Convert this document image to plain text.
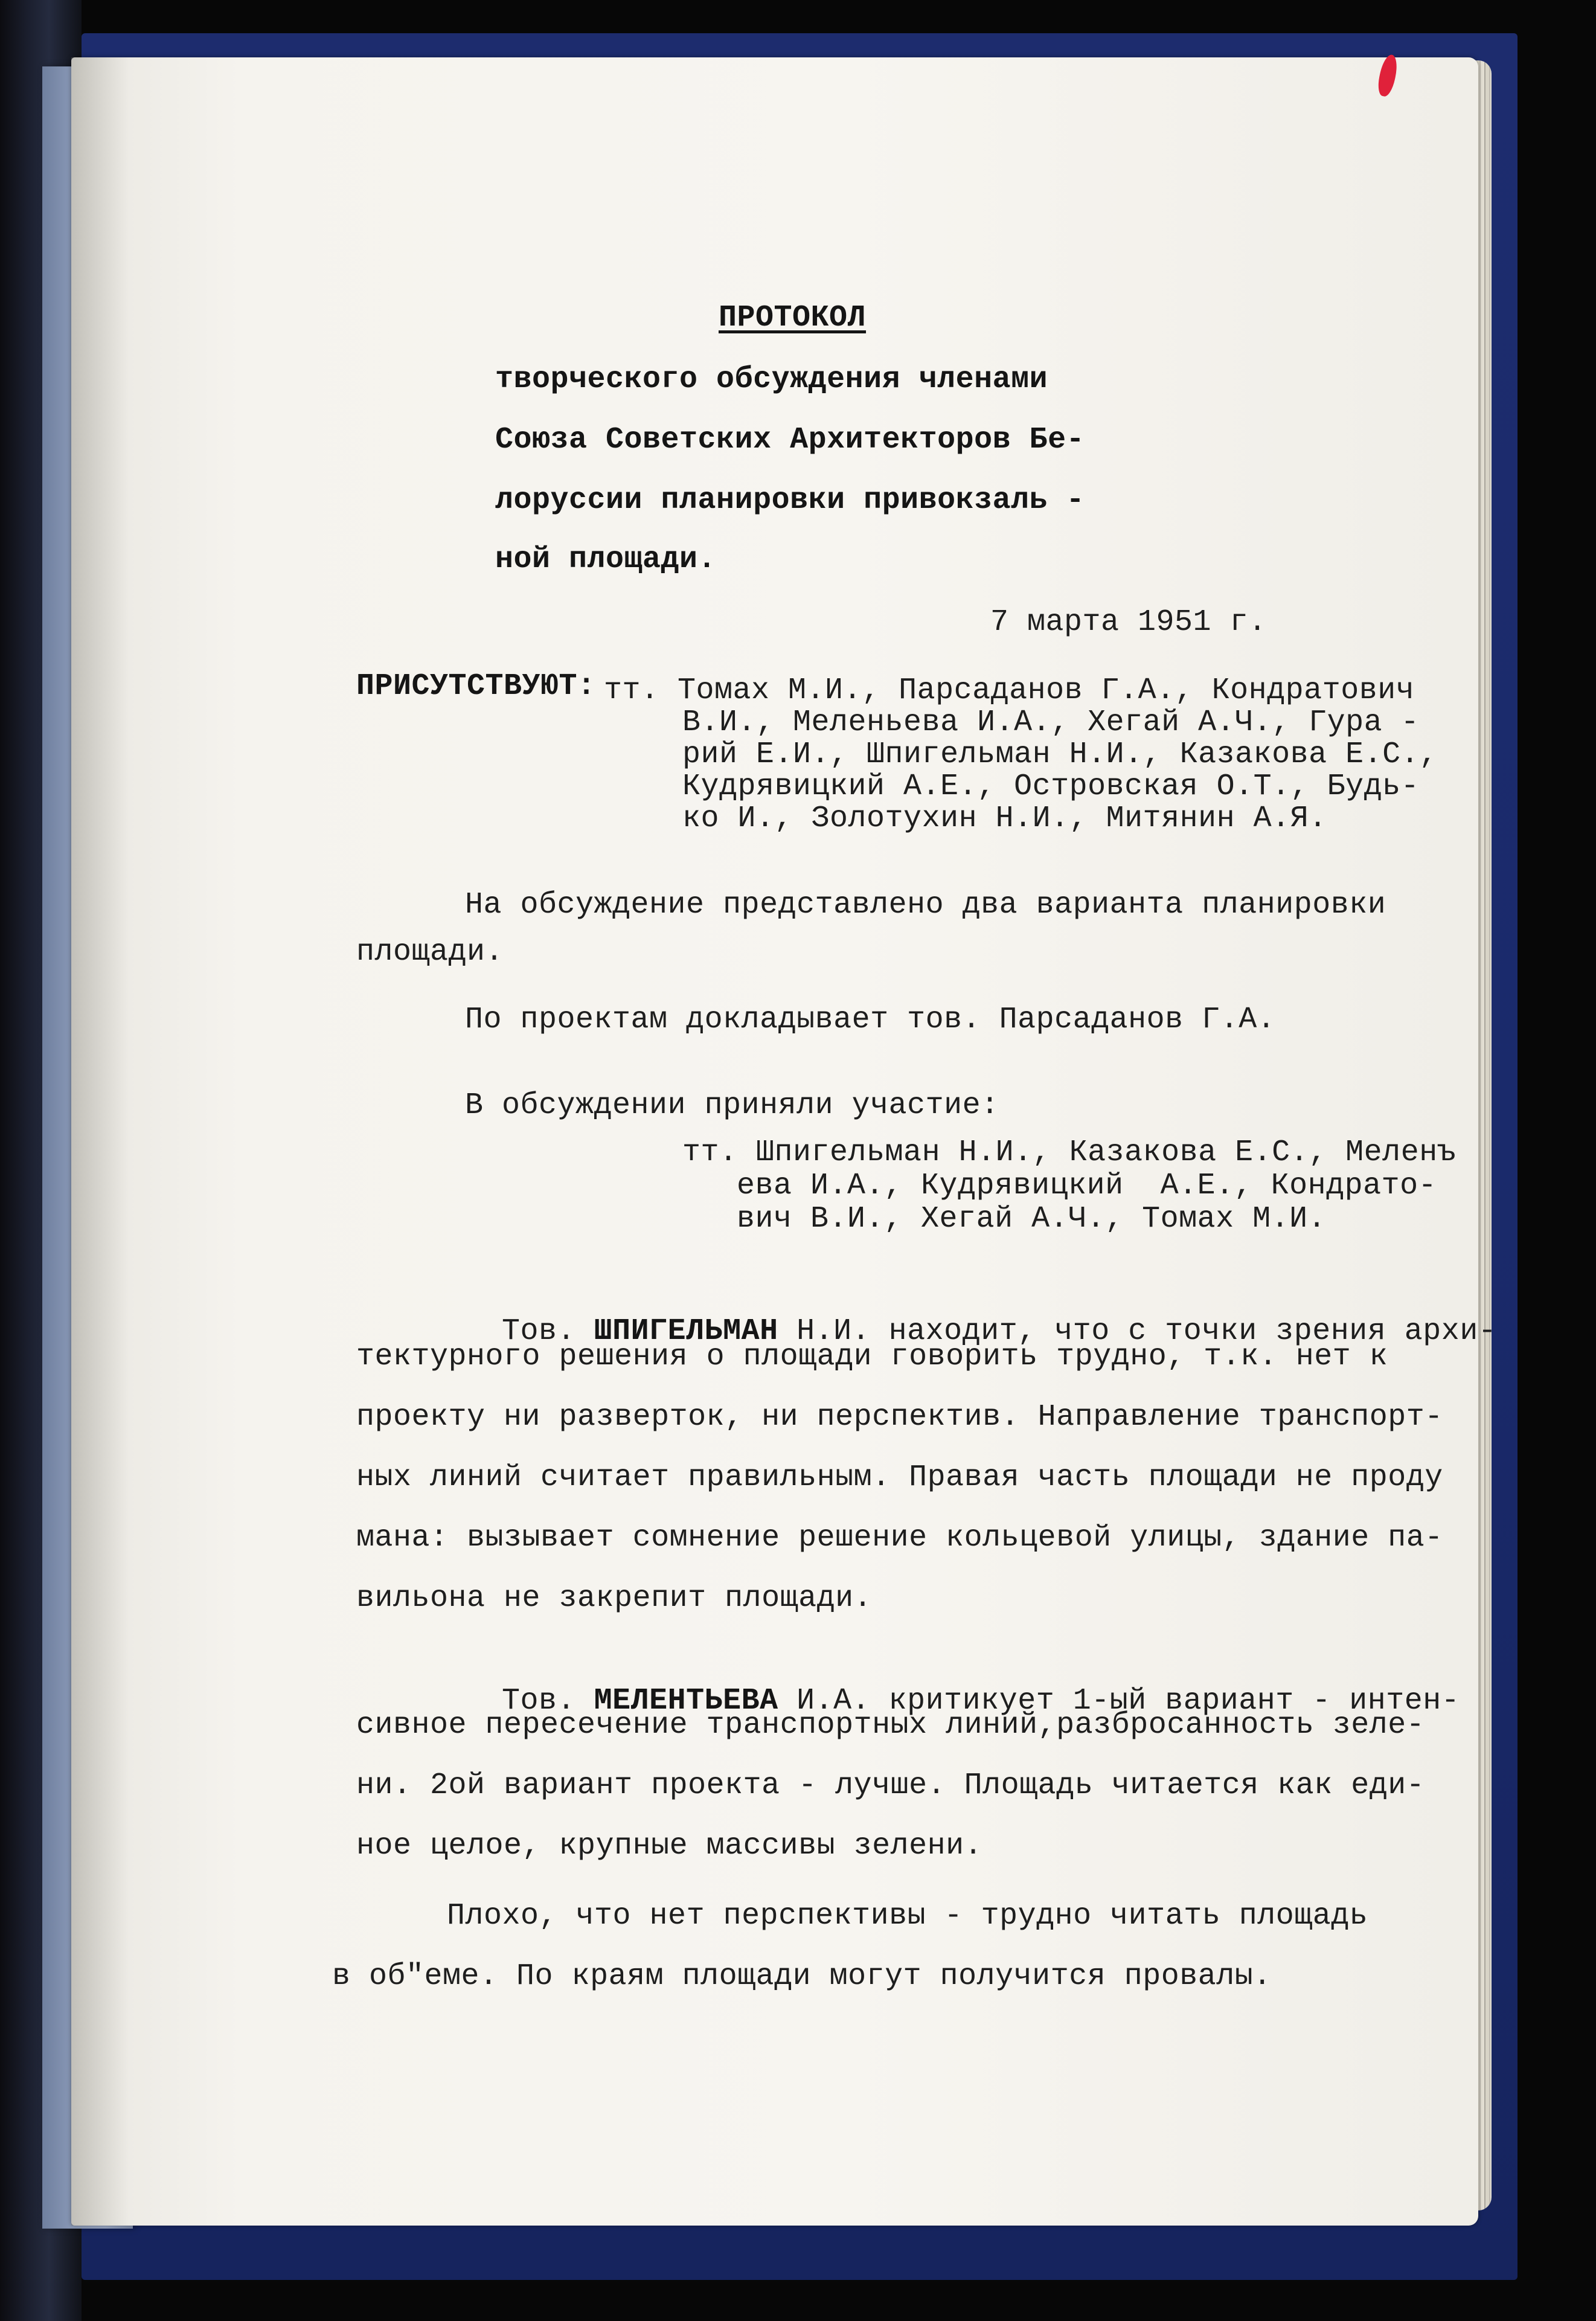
ПРОТОКОЛ
творческого обсуждения членами
Союза Советских Архитекторов Бе-
лоруссии планировки привокзаль -
ной площади.
7 марта 1951 г.
ПРИСУТСТВУЮТ: тт. Томах М.И., Парсаданов Г.А., Кондратович
В.И., Меленьева И.А., Хегай А.Ч., Гура -
рий Е.И., Шпигельман Н.И., Казакова Е.С.,
Кудрявицкий А.Е., Островская О.Т., Будь-
ко И., Золотухин Н.И., Митянин А.Я.
На обсуждение представлено два варианта планировки
площади.
По проектам докладывает тов. Парсаданов Г.А.
В обсуждении приняли участие:
тт. Шпигельман Н.И., Казакова Е.С., Меленъ
ева И.А., Кудрявицкий  А.Е., Кондрато-
вич В.И., Хегай А.Ч., Томах М.И.

Тов. ШПИГЕЛЬМАН Н.И. находит, что с точки зрения архи-

тектурного решения о площади говорить трудно, т.к. нет к
проекту ни разверток, ни перспектив. Направление транспорт-
ных линий считает правильным. Правая часть площади не проду
мана: вызывает сомнение решение кольцевой улицы, здание па-
вильона не закрепит площади.

Тов. МЕЛЕНТЬЕВА И.А. критикует 1-ый вариант - интен-

сивное пересечение транспортных линий,разбросанность зеле-
ни. 2ой вариант проекта - лучше. Площадь читается как еди-
ное целое, крупные массивы зелени.
Плохо, что нет перспективы - трудно читать площадь
в об"еме. По краям площади могут получится провалы.
